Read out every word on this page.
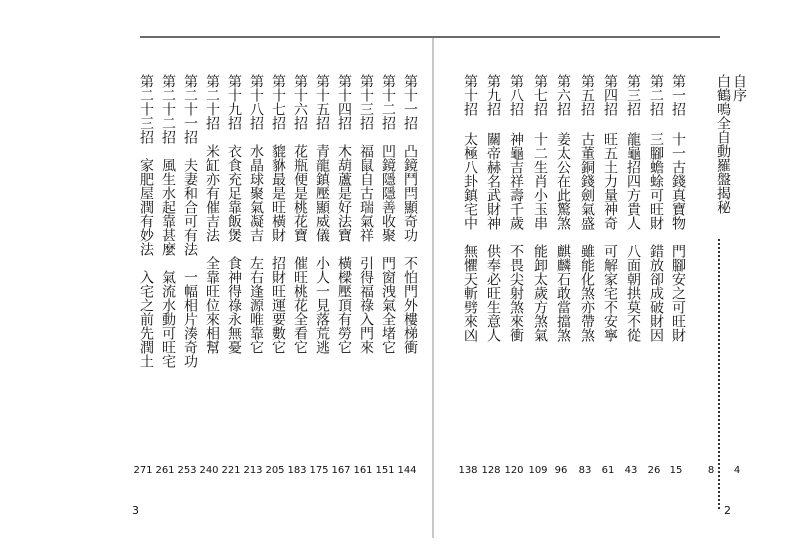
自序
白鶴鳴全自動羅盤揭秘
4
8
第一招
十一古錢真寶物　門腳安之可旺財
15
第二招
三腳蟾蜍可旺財　錯放卻成破財因
26
第三招
龍龜招四方貴人　八面朝拱莫不從
43
第四招
旺五土力量神奇　可解家宅不安寧
61
第五招
古董銅錢劍氣盛　雖能化煞亦帶煞
83
第六招
姜太公在此驚煞　麒麟石敢當擋煞
96
第七招
十二生肖小玉串　能卸太歲方煞氣
109
第八招
神龜吉祥壽千歲　不畏尖射煞來衝
120
第九招
關帝赫名武財神　供奉必旺生意人
128
第十招
太極八卦鎮宅中　無懼天斬劈來凶
138
第十一招
凸鏡鬥閂顯奇功　不怕門外樓梯衝
144
第十二招
凹鏡隱隱善收聚　門窗洩氣全堵它
151
第十三招
福鼠自古瑞氣祥　引得福祿入門來
161
第十四招
木葫蘆是好法寶　橫樑壓頂有勞它
167
第十五招
青龍鎮壓顯威儀　小人一見落荒逃
175
第十六招
花瓶便是桃花寶　催旺桃花全看它
183
第十七招
貔貅最是旺橫財　招財旺運要數它
205
第十八招
水晶球聚氣凝吉　左右逢源唯靠它
213
第十九招
衣食充足靠飯煲　食神得祿永無憂
221
第二十招
米缸亦有催吉法　全靠旺位來相幫
240
第二十一招
夫妻和合可有法　一幅相片湊奇功
253
第二十二招
風生水起靠甚麼　氣流水動可旺宅
261
第二十三招
家肥屋潤有妙法　入宅之前先潤土
271
3	2
